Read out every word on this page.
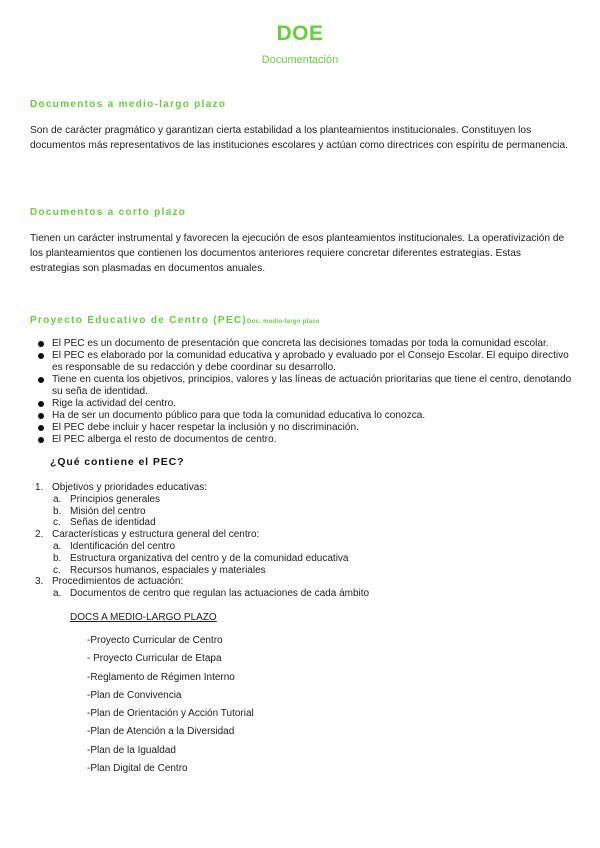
DOE
Documentación
Documentos a medio-largo plazo
Son de carácter pragmático y garantizan cierta estabilidad a los planteamientos institucionales. Constituyen los documentos más representativos de las instituciones escolares y actúan como directrices con espíritu de permanencia.
Documentos a corto plazo
Tienen un carácter instrumental y favorecen la ejecución de esos planteamientos institucionales. La operativización de los planteamientos que contienen los documentos anteriores requiere concretar diferentes estrategias. Estas estrategias son plasmadas en documentos anuales.
Proyecto Educativo de Centro (PEC)Doc. medio-largo plazo
El PEC es un documento de presentación que concreta las decisiones tomadas por toda la comunidad escolar.
El PEC es elaborado por la comunidad educativa y aprobado y evaluado por el Consejo Escolar. El equipo directivo es responsable de su redacción y debe coordinar su desarrollo.
Tiene en cuenta los objetivos, principios, valores y las líneas de actuación prioritarias que tiene el centro, denotando su seña de identidad.
Rige la actividad del centro.
Ha de ser un documento público para que toda la comunidad educativa lo conozca.
El PEC debe incluir y hacer respetar la inclusión y no discriminación.
El PEC alberga el resto de documentos de centro.
¿Qué contiene el PEC?
1. Objetivos y prioridades educativas:
a. Principios generales
b. Misión del centro
c. Señas de identidad
2. Características y estructura general del centro:
a. Identificación del centro
b. Estructura organizativa del centro y de la comunidad educativa
c. Recursos humanos, espaciales y materiales
3. Procedimientos de actuación:
a. Documentos de centro que regulan las actuaciones de cada ámbito
DOCS A MEDIO-LARGO PLAZO
-Proyecto Curricular de Centro
- Proyecto Curricular de Etapa
-Reglamento de Régimen Interno
-Plan de Convivencia
-Plan de Orientación y Acción Tutorial
-Plan de Atención a la Diversidad
-Plan de la Igualdad
-Plan Digital de Centro
